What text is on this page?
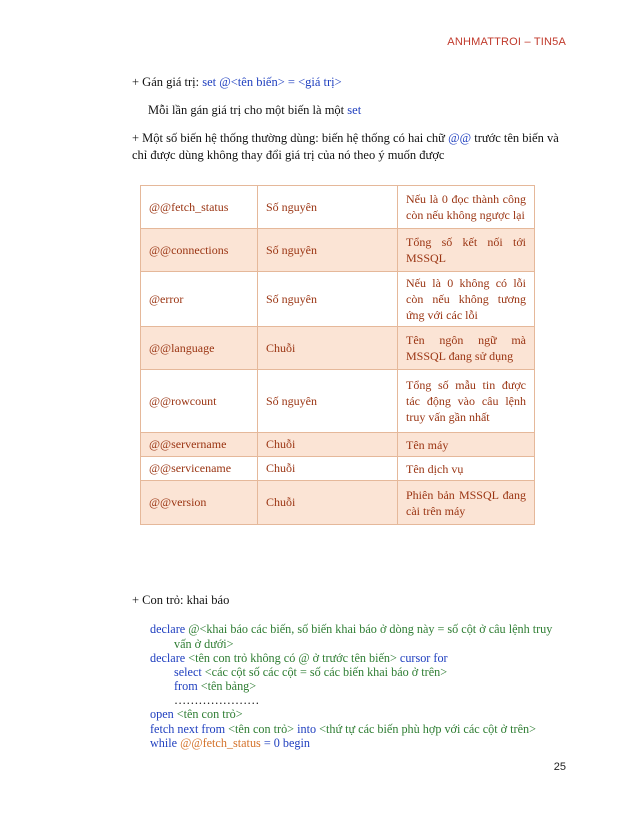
ANHMATTROI – TIN5A
+ Gán giá trị: set @<tên biến> = <giá trị>
Mỗi lần gán giá trị cho một biến là một set
+ Một số biến hệ thống thường dùng: biến hệ thống có hai chữ @@ trước tên biến và
chỉ được dùng không thay đổi giá trị của nó theo ý muốn được
@@fetch_status	Số nguyên	Nếu là 0 đọc thành công còn nếu không ngược lại
@@connections	Số nguyên	Tổng số kết nối tới MSSQL
@error	Số nguyên	Nếu là 0 không có lỗi còn nếu không tương ứng với các lỗi
@@language	Chuỗi	Tên ngôn ngữ mà MSSQL đang sử dụng
@@rowcount	Số nguyên	Tổng số mẫu tin được tác động vào câu lệnh truy vấn gần nhất
@@servername	Chuỗi	Tên máy
@@servicename	Chuỗi	Tên dịch vụ
@@version	Chuỗi	Phiên bản MSSQL đang cài trên máy
+ Con trỏ: khai báo
declare @<khai báo các biến, số biến khai báo ở dòng này = số cột ở câu lệnh truy
vấn ở dưới>
declare <tên con trỏ không có @ ở trước tên biến> cursor for
select <các cột số các cột = số các biến khai báo ở trên>
from <tên bảng>
…………………
open <tên con trỏ>
fetch next from <tên con trỏ> into <thứ tự các biến phù hợp với các cột ở trên>
while @@fetch_status = 0 begin
25
